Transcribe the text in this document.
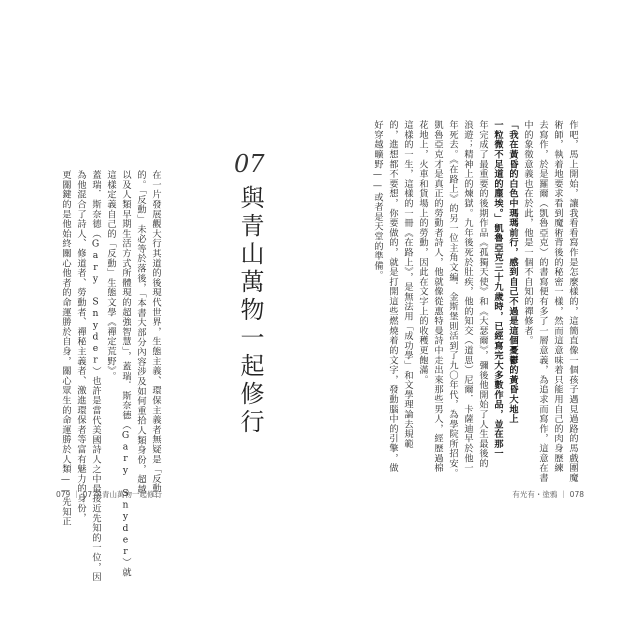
07
與青山萬物一起修行
在一片發展觀大行其道的後現代世界，生態主義、環保主義者無疑是「反動」
的。「反動」未必等於落後，「本書大部分內容涉及如何重拾人類身份，超越
以及人類早期生活方式所體現的超強智慧」，蓋瑞．斯奈德（Gary Snyder）就
這樣定義自己的「反動」生態文學《禪定荒野》。
蓋瑞．斯奈德（Gary Snyder）也許是當代美國詩人之中最接近先知的一位，因
為他混合了詩人、修道者、勞動者、禪秘主義者、激進環保者等富有魅力的身份，
更關鍵的是他始終關心他者的命運勝於自身，關心眾生的命運勝於人類——先知正
079 ｜ 07 與青山萬物一起修行
作吧，馬上開始，讓我看看寫作是怎麼樣的，這簡直像一個孩子遇見過路的馬戲團魔
術師，執着地要求看到魔術背後的秘密一樣，然而這意味着只能用自己的肉身歷練
去寫作，於是羅爾（凱魯亞克）的書寫便有多了一層意義，為追求而寫作，這意在書
中的象徵意義也在於此，他是一個不自知的禪修者。
「我在黃昏的白色中瑪瑪前行，感到自己不過是這個憂鬱的黃昏大地上
一粒微不足道的塵埃。」凱魯亞克三十九歲時，已經寫完大多數作品，並在那一
年完成了最重要的後期作品《孤獨天使》和《大瑟爾》，彌後他開始了人生最後的
浪遊；精神上的煉獄。九年後死於肚疾，他的知交（道思）尼爾．卡薩迪早於他一
年死去。《在路上》的另一位主角文編．金斯堡則活到了九〇年代，為學院所招安。
凱魯亞克才是真正的勞動者詩人，他就像從惠特曼詩中走出來那些男人，經歷過棉
花地上，火車和貨場上的勞動，因此在文字上的收穫更飽滿。
這樣的一生，這樣的一冊《在路上》，是無法用「成功學」和文學理論去規範
的，進想都不要想，你要做的，就是打開這些燃燒着的文字，發動腦中的引擎，做
好穿越曠野——或者是天堂的準備。
有光有・塗鴉 ｜ 078
